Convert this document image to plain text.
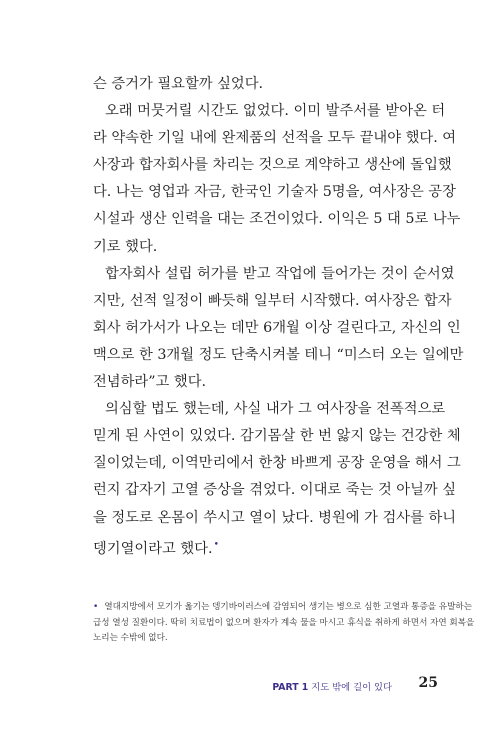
슨 증거가 필요할까 싶었다.
오래 머뭇거릴 시간도 없었다. 이미 발주서를 받아온 터
라 약속한 기일 내에 완제품의 선적을 모두 끝내야 했다. 여
사장과 합자회사를 차리는 것으로 계약하고 생산에 돌입했
다. 나는 영업과 자금, 한국인 기술자 5명을, 여사장은 공장
시설과 생산 인력을 대는 조건이었다. 이익은 5 대 5로 나누
기로 했다.
합자회사 설립 허가를 받고 작업에 들어가는 것이 순서였
지만, 선적 일정이 빠듯해 일부터 시작했다. 여사장은 합자
회사 허가서가 나오는 데만 6개월 이상 걸린다고, 자신의 인
맥으로 한 3개월 정도 단축시켜볼 테니 “미스터 오는 일에만
전념하라”고 했다.
의심할 법도 했는데, 사실 내가 그 여사장을 전폭적으로
믿게 된 사연이 있었다. 감기몸살 한 번 앓지 않는 건강한 체
질이었는데, 이역만리에서 한창 바쁘게 공장 운영을 해서 그
런지 갑자기 고열 증상을 겪었다. 이대로 죽는 것 아닐까 싶
을 정도로 온몸이 쑤시고 열이 났다. 병원에 가 검사를 하니
뎅기열이라고 했다.•
• 열대지방에서 모기가 옮기는 뎅기바이러스에 감염되어 생기는 병으로 심한 고열과 통증을 유발하는
급성 열성 질환이다. 딱히 치료법이 없으며 환자가 계속 물을 마시고 휴식을 취하게 하면서 자연 회복을
노리는 수밖에 없다.
PART 1 지도 밖에 길이 있다 25
